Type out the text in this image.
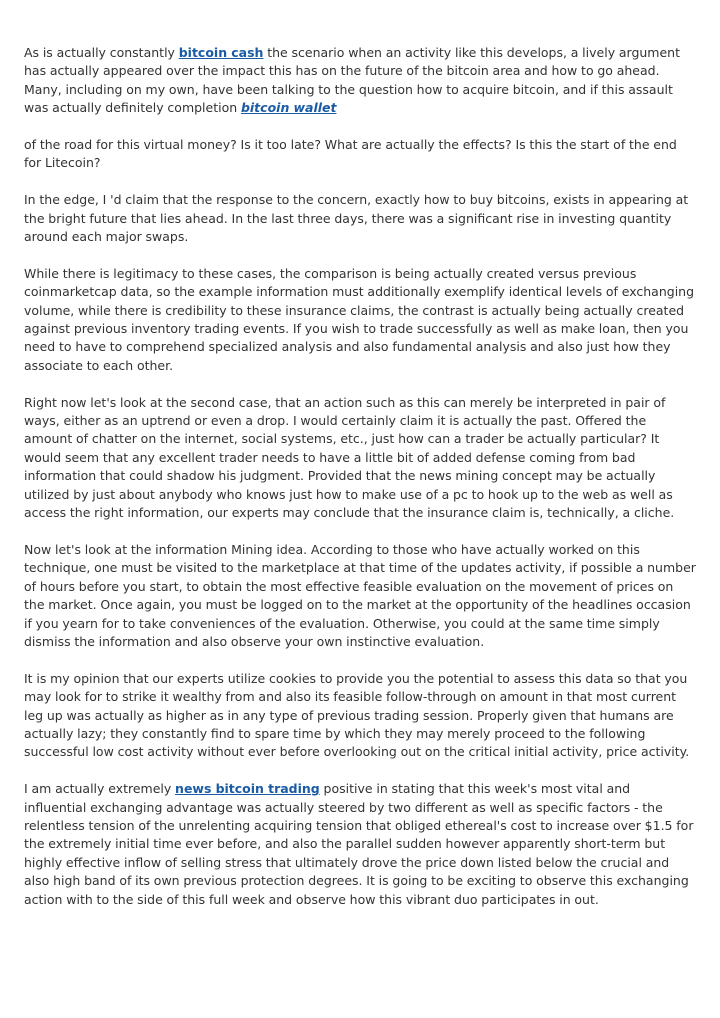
As is actually constantly bitcoin cash the scenario when an activity like this develops, a lively argument has actually appeared over the impact this has on the future of the bitcoin area and how to go ahead. Many, including on my own, have been talking to the question how to acquire bitcoin, and if this assault was actually definitely completion bitcoin wallet

of the road for this virtual money? Is it too late? What are actually the effects? Is this the start of the end for Litecoin?

In the edge, I 'd claim that the response to the concern, exactly how to buy bitcoins, exists in appearing at the bright future that lies ahead. In the last three days, there was a significant rise in investing quantity around each major swaps.

While there is legitimacy to these cases, the comparison is being actually created versus previous coinmarketcap data, so the example information must additionally exemplify identical levels of exchanging volume, while there is credibility to these insurance claims, the contrast is actually being actually created against previous inventory trading events. If you wish to trade successfully as well as make loan, then you need to have to comprehend specialized analysis and also fundamental analysis and also just how they associate to each other.

Right now let's look at the second case, that an action such as this can merely be interpreted in pair of ways, either as an uptrend or even a drop. I would certainly claim it is actually the past. Offered the amount of chatter on the internet, social systems, etc., just how can a trader be actually particular? It would seem that any excellent trader needs to have a little bit of added defense coming from bad information that could shadow his judgment. Provided that the news mining concept may be actually utilized by just about anybody who knows just how to make use of a pc to hook up to the web as well as access the right information, our experts may conclude that the insurance claim is, technically, a cliche.

Now let's look at the information Mining idea. According to those who have actually worked on this technique, one must be visited to the marketplace at that time of the updates activity, if possible a number of hours before you start, to obtain the most effective feasible evaluation on the movement of prices on the market. Once again, you must be logged on to the market at the opportunity of the headlines occasion if you yearn for to take conveniences of the evaluation. Otherwise, you could at the same time simply dismiss the information and also observe your own instinctive evaluation.

It is my opinion that our experts utilize cookies to provide you the potential to assess this data so that you may look for to strike it wealthy from and also its feasible follow-through on amount in that most current leg up was actually as higher as in any type of previous trading session. Properly given that humans are actually lazy; they constantly find to spare time by which they may merely proceed to the following successful low cost activity without ever before overlooking out on the critical initial activity, price activity.

I am actually extremely news bitcoin trading positive in stating that this week's most vital and influential exchanging advantage was actually steered by two different as well as specific factors - the relentless tension of the unrelenting acquiring tension that obliged ethereal's cost to increase over $1.5 for the extremely initial time ever before, and also the parallel sudden however apparently short-term but highly effective inflow of selling stress that ultimately drove the price down listed below the crucial and also high band of its own previous protection degrees. It is going to be exciting to observe this exchanging action with to the side of this full week and observe how this vibrant duo participates in out.
